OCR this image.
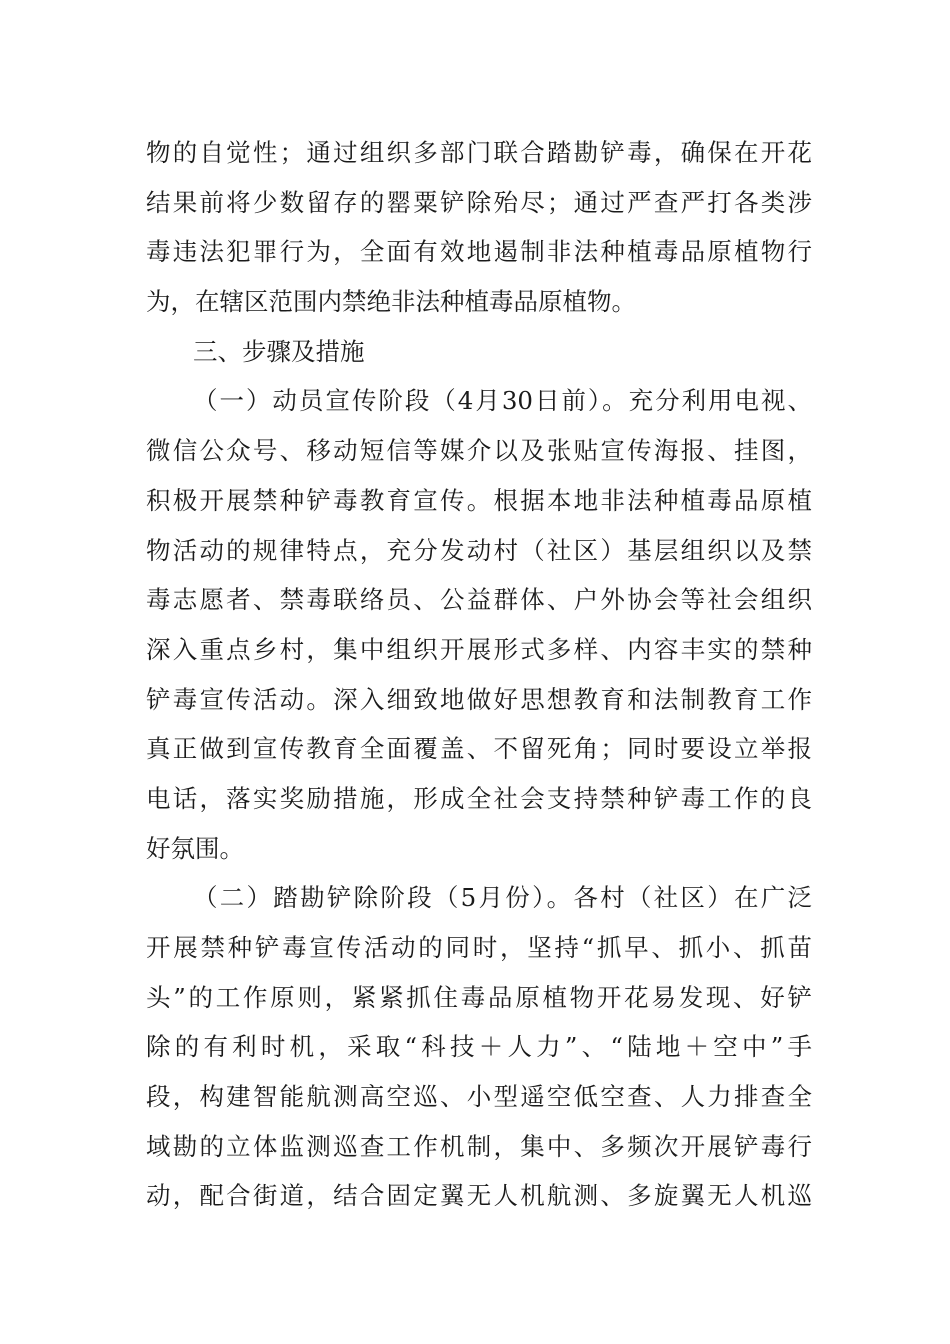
物的自觉性；通过组织多部门联合踏勘铲毒，确保在开花
结果前将少数留存的罂粟铲除殆尽；通过严查严打各类涉
毒违法犯罪行为，全面有效地遏制非法种植毒品原植物行
为，在辖区范围内禁绝非法种植毒品原植物。
三、步骤及措施
（一）动员宣传阶段（4月30日前）。充分利用电视、
微信公众号、移动短信等媒介以及张贴宣传海报、挂图，
积极开展禁种铲毒教育宣传。根据本地非法种植毒品原植
物活动的规律特点，充分发动村（社区）基层组织以及禁
毒志愿者、禁毒联络员、公益群体、户外协会等社会组织
深入重点乡村，集中组织开展形式多样、内容丰实的禁种
铲毒宣传活动。深入细致地做好思想教育和法制教育工作
真正做到宣传教育全面覆盖、不留死角；同时要设立举报
电话，落实奖励措施，形成全社会支持禁种铲毒工作的良
好氛围。
（二）踏勘铲除阶段（5月份）。各村（社区）在广泛
开展禁种铲毒宣传活动的同时，坚持“抓早、抓小、抓苗
头”的工作原则，紧紧抓住毒品原植物开花易发现、好铲
除的有利时机，采取“科技＋人力”、“陆地＋空中”手
段，构建智能航测高空巡、小型遥空低空查、人力排查全
域勘的立体监测巡查工作机制，集中、多频次开展铲毒行
动，配合街道，结合固定翼无人机航测、多旋翼无人机巡
